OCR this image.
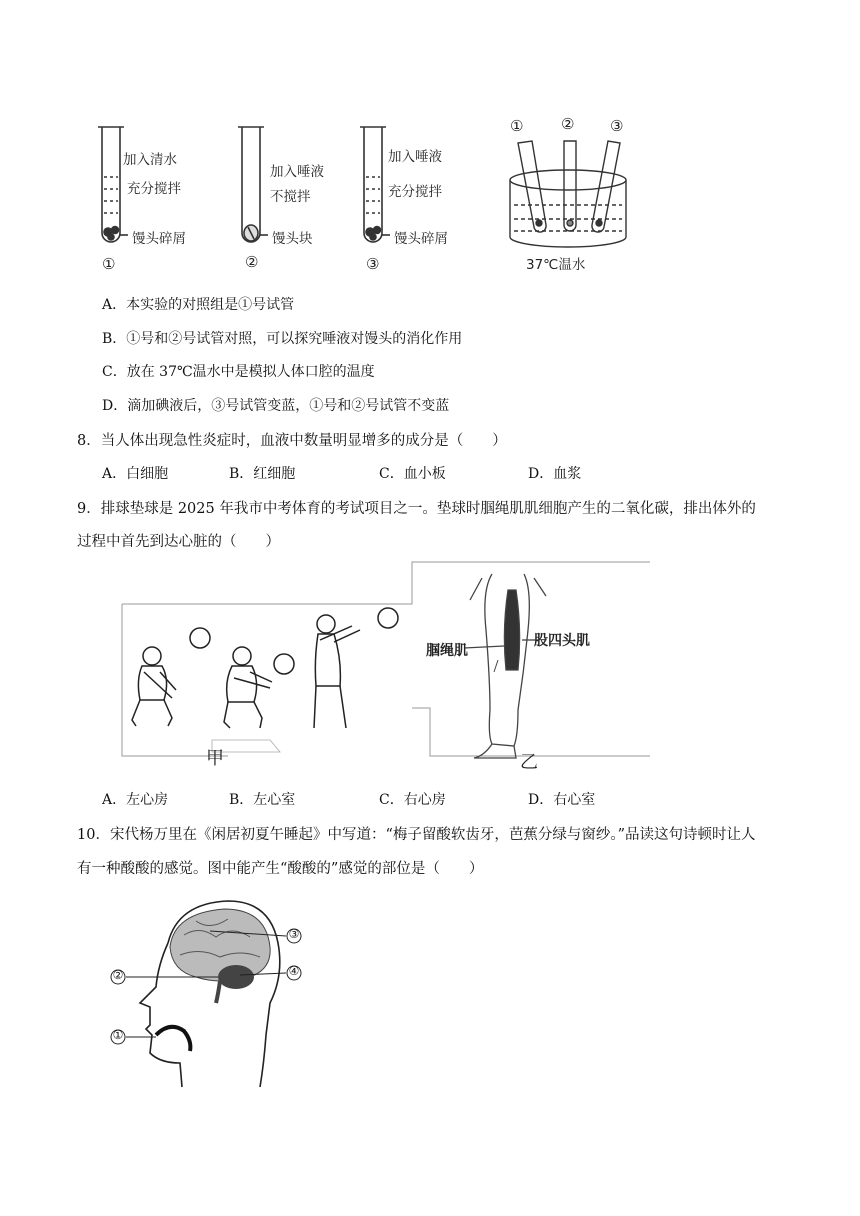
加入清水
充分搅拌
馒头碎屑
①
加入唾液
不搅拌
馒头块
②
加入唾液
充分搅拌
馒头碎屑
③
①	② ③
37℃温水
A．本实验的对照组是①号试管
B．①号和②号试管对照，可以探究唾液对馒头的消化作用
C．放在 37℃温水中是模拟人体口腔的温度
D．滴加碘液后，③号试管变蓝，①号和②号试管不变蓝
8．当人体出现急性炎症时，血液中数量明显增多的成分是（　　）
A．白细胞	B．红细胞	C．血小板	D．血浆
9．排球垫球是 2025 年我市中考体育的考试项目之一。垫球时腘绳肌肌细胞产生的二氧化碳，排出体外的
过程中首先到达心脏的（　　）
腘绳肌
股四头肌
甲	乙
A．左心房	B．左心室	C．右心房	D．右心室
10．宋代杨万里在《闲居初夏午睡起》中写道：“梅子留酸软齿牙，芭蕉分绿与窗纱。”品读这句诗顿时让人
有一种酸酸的感觉。图中能产生“酸酸的”感觉的部位是（　　）
①
②
③
④
